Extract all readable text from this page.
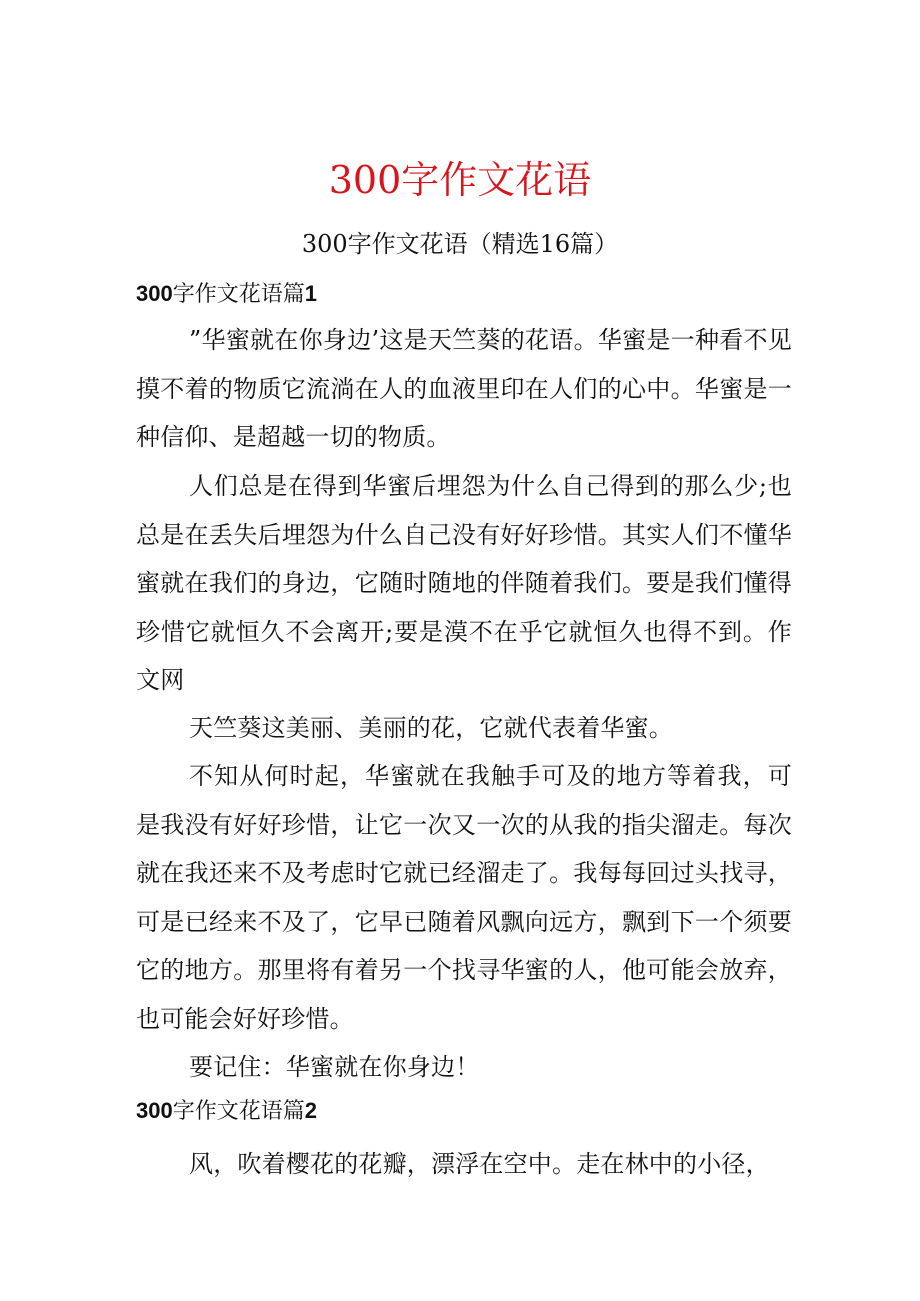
300字作文花语
300字作文花语（精选16篇）
300字作文花语篇1

”华蜜就在你身边’这是天竺葵的花语。华蜜是一种看不见摸不着的物质它流淌在人的血液里印在人们的心中。华蜜是一种信仰、是超越一切的物质。

人们总是在得到华蜜后埋怨为什么自己得到的那么少;也总是在丢失后埋怨为什么自己没有好好珍惜。其实人们不懂华蜜就在我们的身边，它随时随地的伴随着我们。要是我们懂得珍惜它就恒久不会离开;要是漠不在乎它就恒久也得不到。作文网

天竺葵这美丽、美丽的花，它就代表着华蜜。

不知从何时起，华蜜就在我触手可及的地方等着我，可是我没有好好珍惜，让它一次又一次的从我的指尖溜走。每次就在我还来不及考虑时它就已经溜走了。我每每回过头找寻，可是已经来不及了，它早已随着风飘向远方，飘到下一个须要它的地方。那里将有着另一个找寻华蜜的人，他可能会放弃，也可能会好好珍惜。

要记住：华蜜就在你身边！

300字作文花语篇2

风，吹着樱花的花瓣，漂浮在空中。走在林中的小径，
